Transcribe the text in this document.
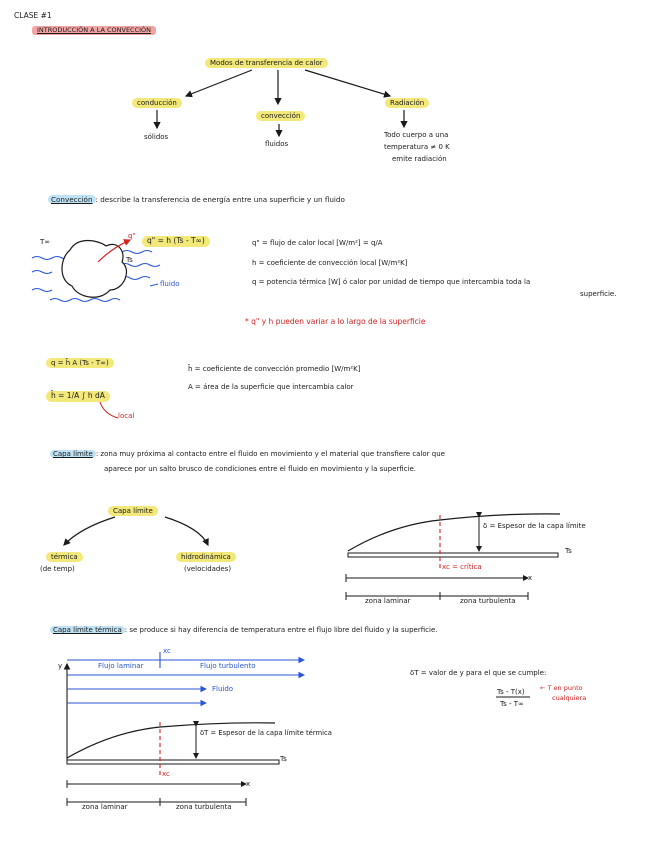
CLASE #1
INTRODUCCIÓN A LA CONVECCIÓN
Modos de transferencia de calor
conducción
convección
Radiación
sólidos
fluidos
Todo cuerpo a una
temperatura ≠ 0 K
emite radiación
Convección : describe la transferencia de energía entre una superficie y un fluido
T∞
Ts
q"
fluido
q" = h (Ts - T∞)	q" = flujo de calor local [W/m²] = q/A
h = coeficiente de convección local [W/m²K]
q = potencia térmica [W] ó calor por unidad de tiempo que intercambia toda la
superficie.
* q" y h pueden variar a lo largo de la superficie
q = h̄ A (Ts - T∞)
h̄ = 1/A ∫ h dA
local
h̄ = coeficiente de convección promedio [W/m²K]
A = área de la superficie que intercambia calor
Capa límite : zona muy próxima al contacto entre el fluido en movimiento y el material que transfiere calor que
aparece por un salto brusco de condiciones entre el fluido en movimiento y la superficie.
Capa límite
térmica
(de temp)
hidrodinámica
(velocidades)
δ = Espesor de la capa límite
Ts
xc = crítica
x
zona laminar	zona turbulenta
Capa límite térmica : se produce si hay diferencia de temperatura entre el flujo libre del fluido y la superficie.
y
xc
Flujo laminar	Flujo turbulento
Fluido
δT = Espesor de la capa límite térmica
Ts
xc
x
zona laminar	zona turbulenta
δT = valor de y para el que se cumple:
Ts - T(x)
Ts - T∞
← T en punto
cualquiera
